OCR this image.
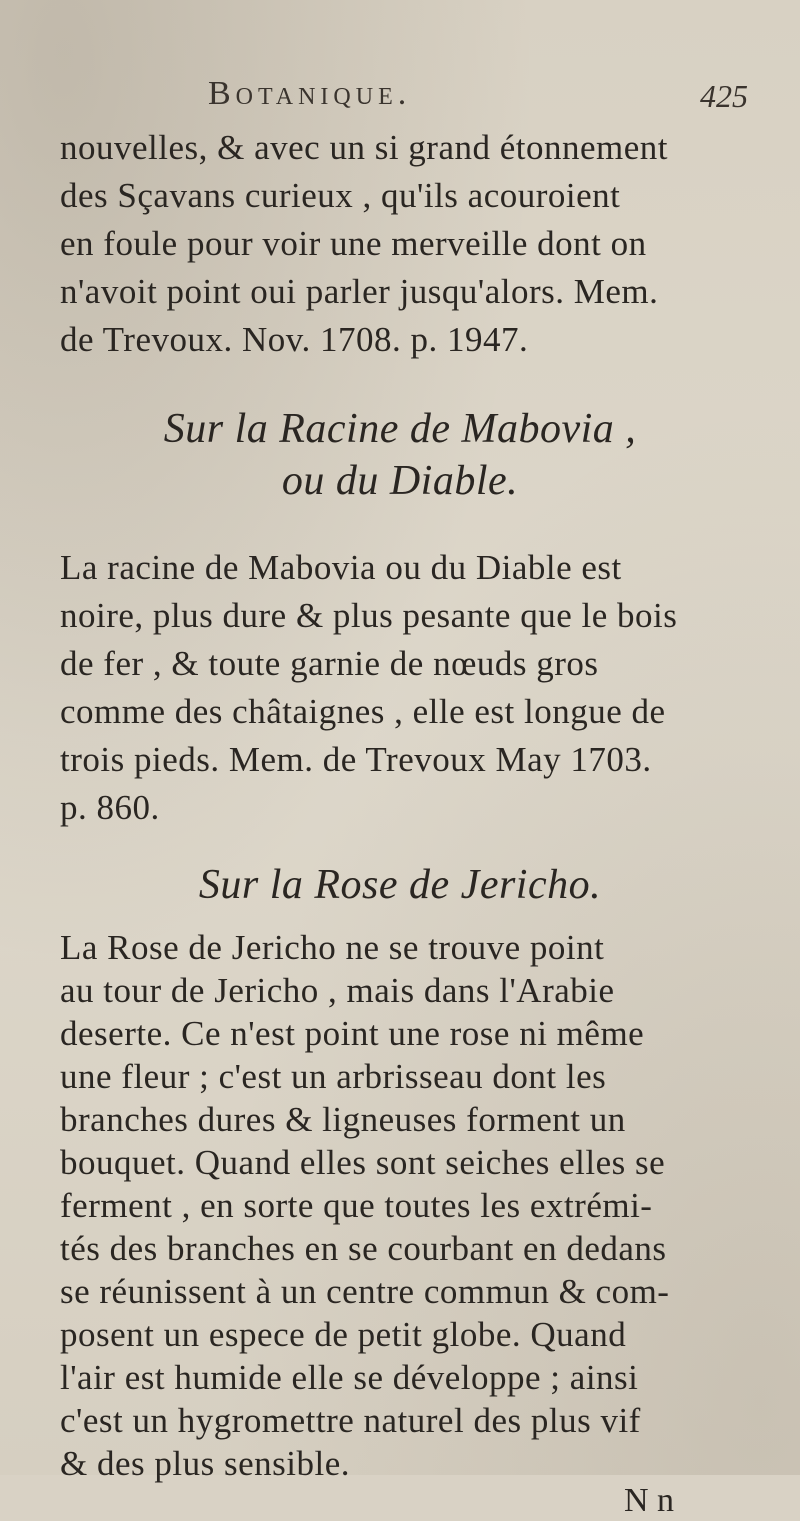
Botanique.	425
nouvelles, & avec un si grand étonnement
des Sçavans curieux , qu'ils acouroient
en foule pour voir une merveille dont on
n'avoit point oui parler jusqu'alors. Mem.
de Trevoux. Nov. 1708. p. 1947.
Sur la Racine de Mabovia ,
ou du Diable.
La racine de Mabovia ou du Diable est
noire, plus dure & plus pesante que le bois
de fer , & toute garnie de nœuds gros
comme des châtaignes , elle est longue de
trois pieds. Mem. de Trevoux May 1703.
p. 860.
Sur la Rose de Jericho.
La Rose de Jericho ne se trouve point
au tour de Jericho , mais dans l'Arabie
deserte. Ce n'est point une rose ni même
une fleur ; c'est un arbrisseau dont les
branches dures & ligneuses forment un
bouquet. Quand elles sont seiches elles se
ferment , en sorte que toutes les extrémi-
tés des branches en se courbant en dedans
se réunissent à un centre commun & com-
posent un espece de petit globe. Quand
l'air est humide elle se développe ; ainsi
c'est un hygromettre naturel des plus vif
& des plus sensible.
N n
